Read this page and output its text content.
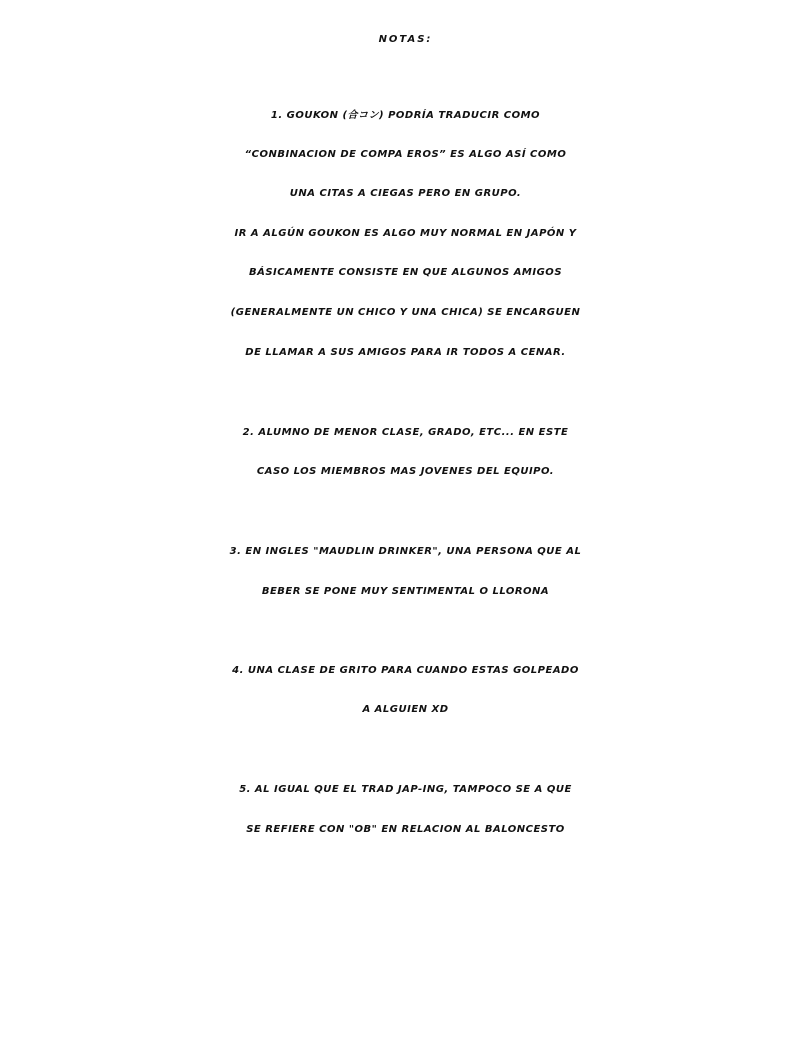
NOTAS:
1. GOUKON (合コン) PODRÍA TRADUCIR COMO
“CONBINACION DE COMPA EROS” ES ALGO ASÍ COMO
UNA CITAS A CIEGAS PERO EN GRUPO.
IR A ALGÚN GOUKON ES ALGO MUY NORMAL EN JAPÓN Y
BÁSICAMENTE CONSISTE EN QUE ALGUNOS AMIGOS
(GENERALMENTE UN CHICO Y UNA CHICA) SE ENCARGUEN
DE LLAMAR A SUS AMIGOS PARA IR TODOS A CENAR.
2. ALUMNO DE MENOR CLASE, GRADO, ETC... EN ESTE
CASO LOS MIEMBROS MAS JOVENES DEL EQUIPO.
3. EN INGLES "MAUDLIN DRINKER", UNA PERSONA QUE AL
BEBER SE PONE MUY SENTIMENTAL O LLORONA
4. UNA CLASE DE GRITO PARA CUANDO ESTAS GOLPEADO
A ALGUIEN XD
5. AL IGUAL QUE EL TRAD JAP-ING, TAMPOCO SE A QUE
SE REFIERE CON "OB" EN RELACION AL BALONCESTO
